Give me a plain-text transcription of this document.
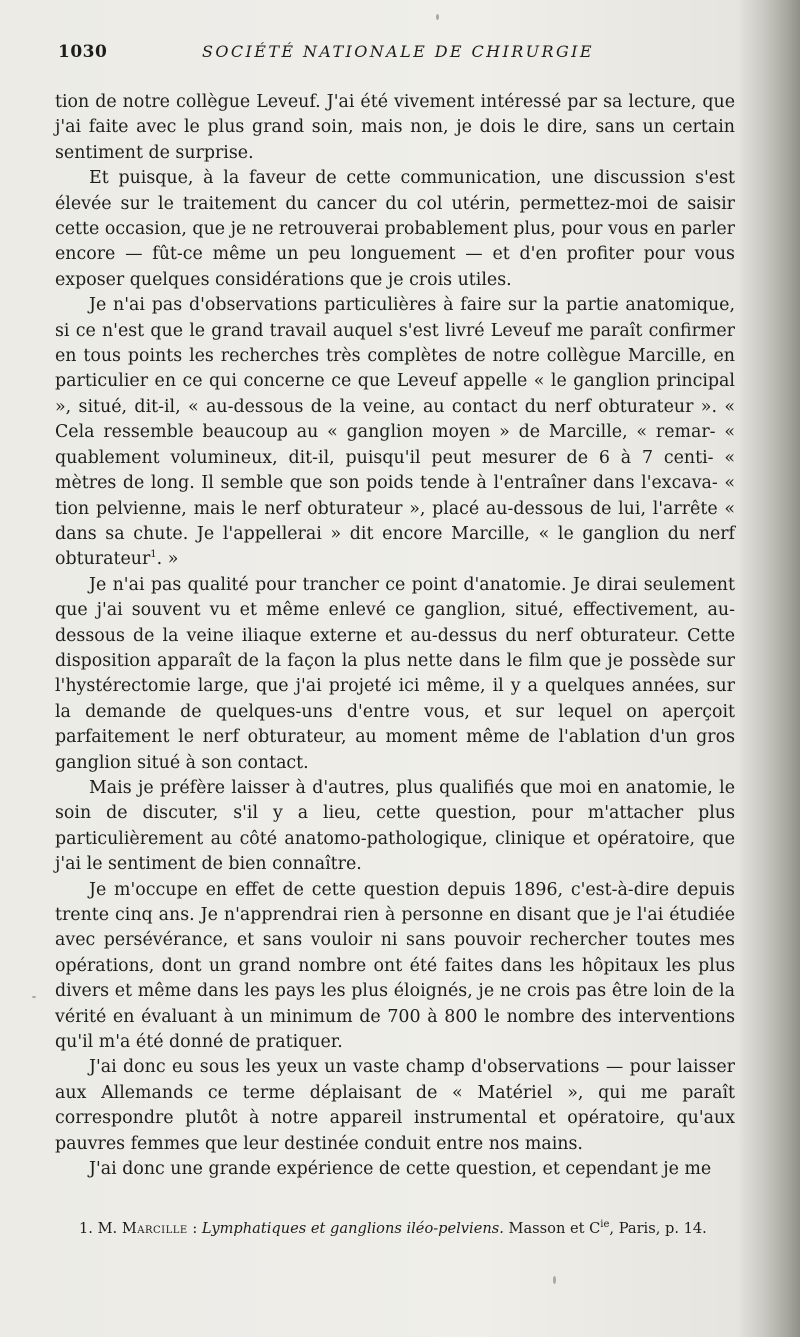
1030	SOCIÉTÉ NATIONALE DE CHIRURGIE

tion de notre collègue Leveuf. J'ai été vivement intéressé par sa lecture, que j'ai faite avec le plus grand soin, mais non, je dois le dire, sans un certain sentiment de surprise.

Et puisque, à la faveur de cette communication, une discussion s'est élevée sur le traitement du cancer du col utérin, permettez-moi de saisir cette occasion, que je ne retrouverai probablement plus, pour vous en parler encore — fût-ce même un peu longuement — et d'en profiter pour vous exposer quelques considérations que je crois utiles.

Je n'ai pas d'observations particulières à faire sur la partie anatomique, si ce n'est que le grand travail auquel s'est livré Leveuf me paraît confirmer en tous points les recherches très complètes de notre collègue Marcille, en particulier en ce qui concerne ce que Leveuf appelle « le ganglion principal », situé, dit-il, « au-dessous de la veine, au contact du nerf obturateur ». « Cela ressemble beaucoup au « ganglion moyen » de Marcille, « remar- « quablement volumineux, dit-il, puisqu'il peut mesurer de 6 à 7 centi- « mètres de long. Il semble que son poids tende à l'entraîner dans l'excava- « tion pelvienne, mais le nerf obturateur », placé au-dessous de lui, l'arrête « dans sa chute. Je l'appellerai » dit encore Marcille, « le ganglion du nerf obturateur$^1$. »

Je n'ai pas qualité pour trancher ce point d'anatomie. Je dirai seulement que j'ai souvent vu et même enlevé ce ganglion, situé, effectivement, au-dessous de la veine iliaque externe et au-dessus du nerf obturateur. Cette disposition apparaît de la façon la plus nette dans le film que je possède sur l'hystérectomie large, que j'ai projeté ici même, il y a quelques années, sur la demande de quelques-uns d'entre vous, et sur lequel on aperçoit parfaitement le nerf obturateur, au moment même de l'ablation d'un gros ganglion situé à son contact.

Mais je préfère laisser à d'autres, plus qualifiés que moi en anatomie, le soin de discuter, s'il y a lieu, cette question, pour m'attacher plus particulièrement au côté anatomo-pathologique, clinique et opératoire, que j'ai le sentiment de bien connaître.

Je m'occupe en effet de cette question depuis 1896, c'est-à-dire depuis trente cinq ans. Je n'apprendrai rien à personne en disant que je l'ai étudiée avec persévérance, et sans vouloir ni sans pouvoir rechercher toutes mes opérations, dont un grand nombre ont été faites dans les hôpitaux les plus divers et même dans les pays les plus éloignés, je ne crois pas être loin de la vérité en évaluant à un minimum de 700 à 800 le nombre des interventions qu'il m'a été donné de pratiquer.

J'ai donc eu sous les yeux un vaste champ d'observations — pour laisser aux Allemands ce terme déplaisant de « Matériel », qui me paraît correspondre plutôt à notre appareil instrumental et opératoire, qu'aux pauvres femmes que leur destinée conduit entre nos mains.

J'ai donc une grande expérience de cette question, et cependant je me

1. M. Marcille : Lymphatiques et ganglions iléo-pelviens. Masson et $C^{ie}$, Paris, p. 14.
